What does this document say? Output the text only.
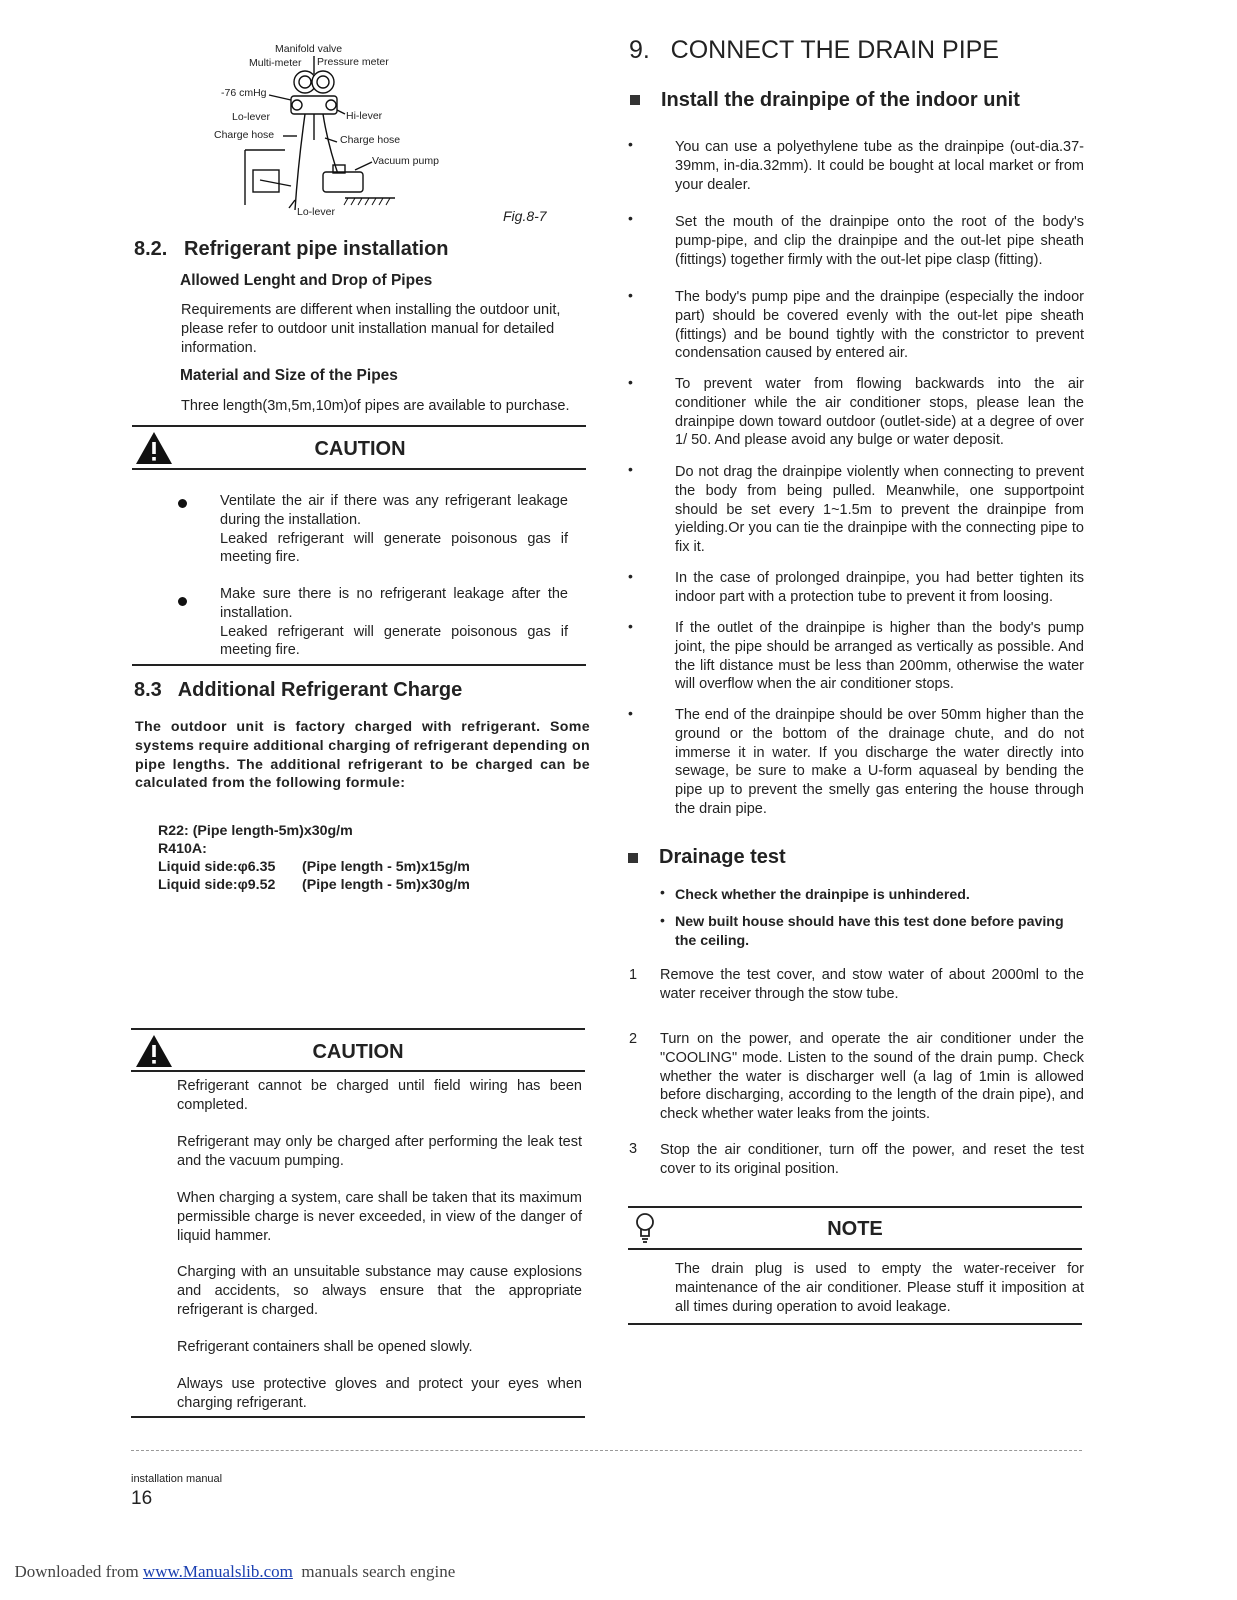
Manifold valve
Multi-meter Pressure meter
-76 cmHg
Lo-lever	Hi-lever
Charge hose	Charge hose
Vacuum pump
Lo-lever	Fig.8-7
8.2.   Refrigerant pipe installation
Allowed Lenght and Drop of Pipes
Requirements are different when installing the outdoor unit, please refer to outdoor unit installation manual for detailed information.
Material and Size of the Pipes
Three length(3m,5m,10m)of pipes are available to purchase.
CAUTION
Ventilate the air if there was any refrigerant leakage during the installation.
Leaked refrigerant will generate poisonous gas if meeting fire.
Make sure there is no refrigerant leakage after the installation.
Leaked refrigerant will generate poisonous gas if meeting fire.
8.3   Additional Refrigerant Charge
The outdoor unit is factory charged with refrigerant. Some systems require additional charging of refrigerant depending on pipe lengths. The additional refrigerant to be charged can be calculated from the following formule:
R22: (Pipe length-5m)x30g/m
R410A:
Liquid side:φ6.35 (Pipe length - 5m)x15g/m
Liquid side:φ9.52 (Pipe length - 5m)x30g/m
CAUTION
Refrigerant cannot be charged until field wiring has been completed.
Refrigerant may only be charged after performing the leak test and the vacuum pumping.
When charging a system, care shall be taken that its maximum permissible charge is never exceeded, in view of the danger of liquid hammer.
Charging with an unsuitable substance may cause explosions and accidents, so always ensure that the appropriate refrigerant is charged.
Refrigerant containers shall be opened slowly.
Always use protective gloves and protect your eyes when charging refrigerant.
9.   CONNECT THE DRAIN PIPE
Install the drainpipe of the indoor unit
•	You can use a polyethylene tube as the drainpipe (out-dia.37-39mm, in-dia.32mm). It could be bought at local market or from your dealer.
•	Set the mouth of the drainpipe onto the root of the body's pump-pipe, and clip the drainpipe and the out-let pipe sheath (fittings) together firmly with the out-let pipe clasp (fitting).
•	The body's pump pipe and the drainpipe (especially the indoor part) should be covered evenly with the out-let pipe sheath (fittings) and be bound tightly with the constrictor to prevent condensation caused by entered air.
•	To prevent water from flowing backwards into the air conditioner while the air conditioner stops, please lean the drainpipe down toward outdoor (outlet-side) at a degree of over 1/ 50. And please avoid any bulge or water deposit.
•	Do not drag the drainpipe violently when connecting to prevent the body from being pulled. Meanwhile, one supportpoint should be set every 1~1.5m to prevent the drainpipe from yielding.Or you can tie the drainpipe with the connecting pipe to fix it.
•	In the case of prolonged drainpipe, you had better tighten its indoor part with a protection tube to prevent it from loosing.
•	If the outlet of the drainpipe is higher than the body's pump joint, the pipe should be arranged as vertically as possible. And the lift distance must be less than 200mm, otherwise the water will overflow when the air conditioner stops.
•	The end of the drainpipe should be over 50mm higher than the ground or the bottom of the drainage chute, and do not immerse it in water. If you discharge the water directly into sewage, be sure to make a U-form aquaseal by bending the pipe up to prevent the smelly gas entering the house through the drain pipe.
Drainage test
• Check whether the drainpipe is unhindered.
• New built house should have this test done before paving the ceiling.
1 Remove the test cover, and stow water of about 2000ml to the water receiver through the stow tube.
2 Turn on the power, and operate the air conditioner under the "COOLING" mode. Listen to the sound of the drain pump. Check whether the water is discharger well (a lag of 1min is allowed before discharging, according to the length of the drain pipe), and check whether water leaks from the joints.
3 Stop the air conditioner, turn off the power, and reset the test cover to its original position.
NOTE
The drain plug is used to empty the water-receiver for maintenance of the air conditioner. Please stuff it imposition at all times during operation to avoid leakage.
installation manual
16

Downloaded from www.Manualslib.com  manuals search engine
